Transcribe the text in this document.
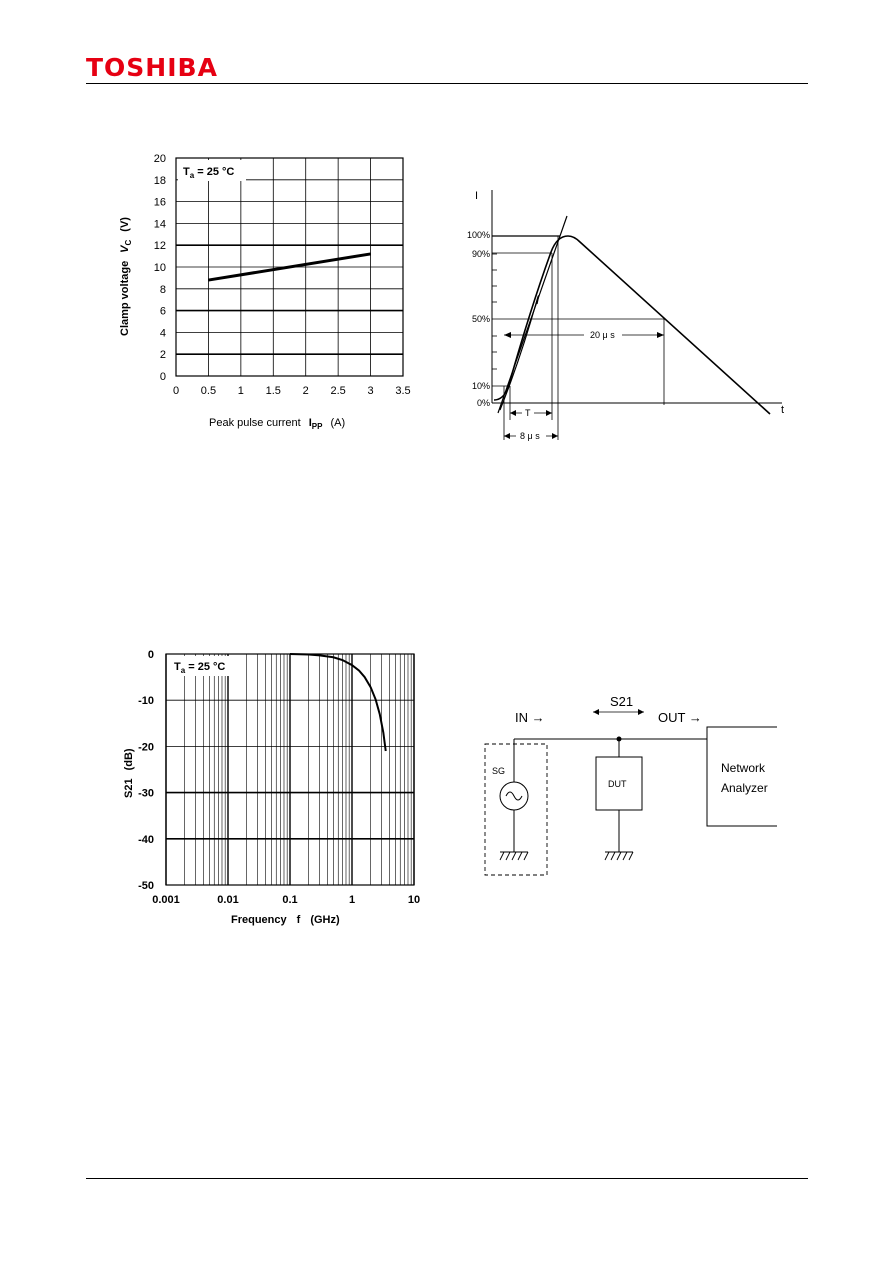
TOSHIBA
0
2
4
6
8
10
12
14
16
18
20
0 0.5 1 1.5 2 2.5 3 3.5
$T_a = 25$ °C
Peak pulse current $I_{PP}$ (A)
Clamp voltageV$_C$(V)
0
-10
-20
-30
-40
-50
0.001	0.01	0.1	1	10
$T_a = 25$ °C
Frequency f (GHz)
S21(dB)
I
t
100%
90%
50%
10%
0%
20 μ s
T
8 μ s
IN →
S21
OUT →
SG
DUT
Network
Analyzer
